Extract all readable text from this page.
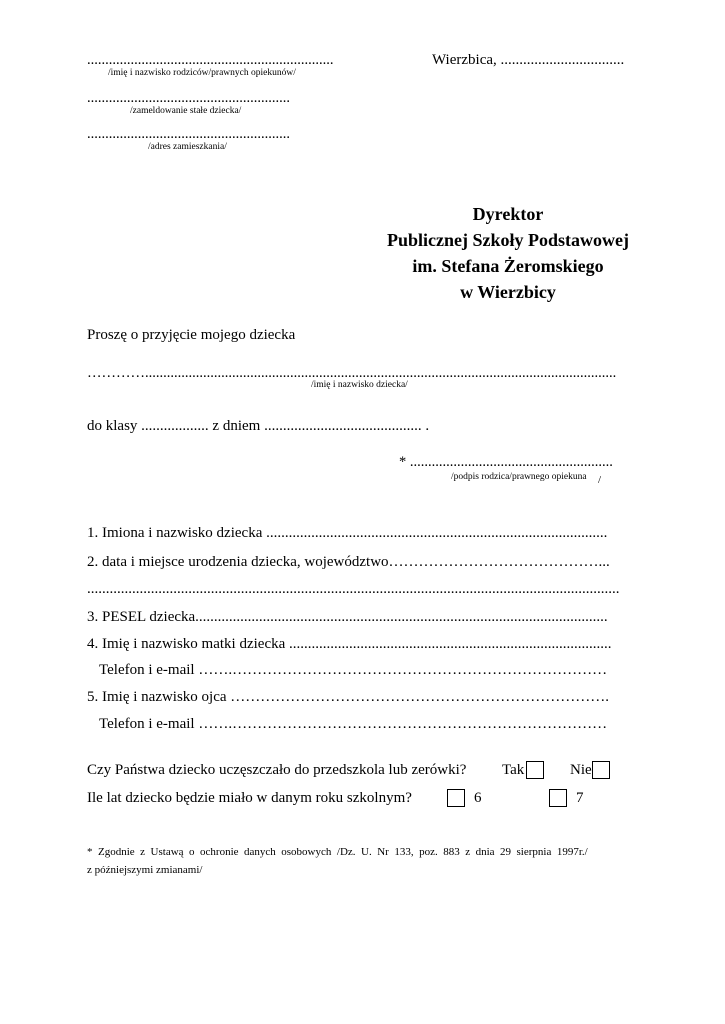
....................................................................
/imię i nazwisko rodziców/prawnych opiekunów/
Wierzbica, .................................
........................................................
/zameldowanie stałe dziecka/
........................................................
/adres zamieszkania/
Dyrektor
Publicznej Szkoły Podstawowej
im. Stefana Żeromskiego
w Wierzbicy
Proszę o przyjęcie mojego dziecka
…………..................................................................................................................................
/imię i nazwisko dziecka/
do klasy .................. z dniem .......................................... .
* ........................................................
/podpis rodzica/prawnego opiekuna /
1. Imiona i nazwisko dziecka ...........................................................................................
2. data i miejsce urodzenia dziecka, województwo……………………………………...
..............................................................................................................................................
3. PESEL dziecka..............................................................................................................
4. Imię i nazwisko matki dziecka ......................................................................................
Telefon i e-mail …….…………………………………………………………………
5. Imię i nazwisko ojca ………………………………………………………………….
Telefon i e-mail …….…………………………………………………………………
Czy Państwa dziecko uczęszczało do przedszkola lub zerówki? Tak	Nie
Ile lat dziecko będzie miało w danym roku szkolnym?	6	7
*  Zgodnie  z  Ustawą  o  ochronie  danych  osobowych  /Dz.  U.  Nr  133,  poz.  883  z  dnia  29  sierpnia  1997r./
z późniejszymi zmianami/
